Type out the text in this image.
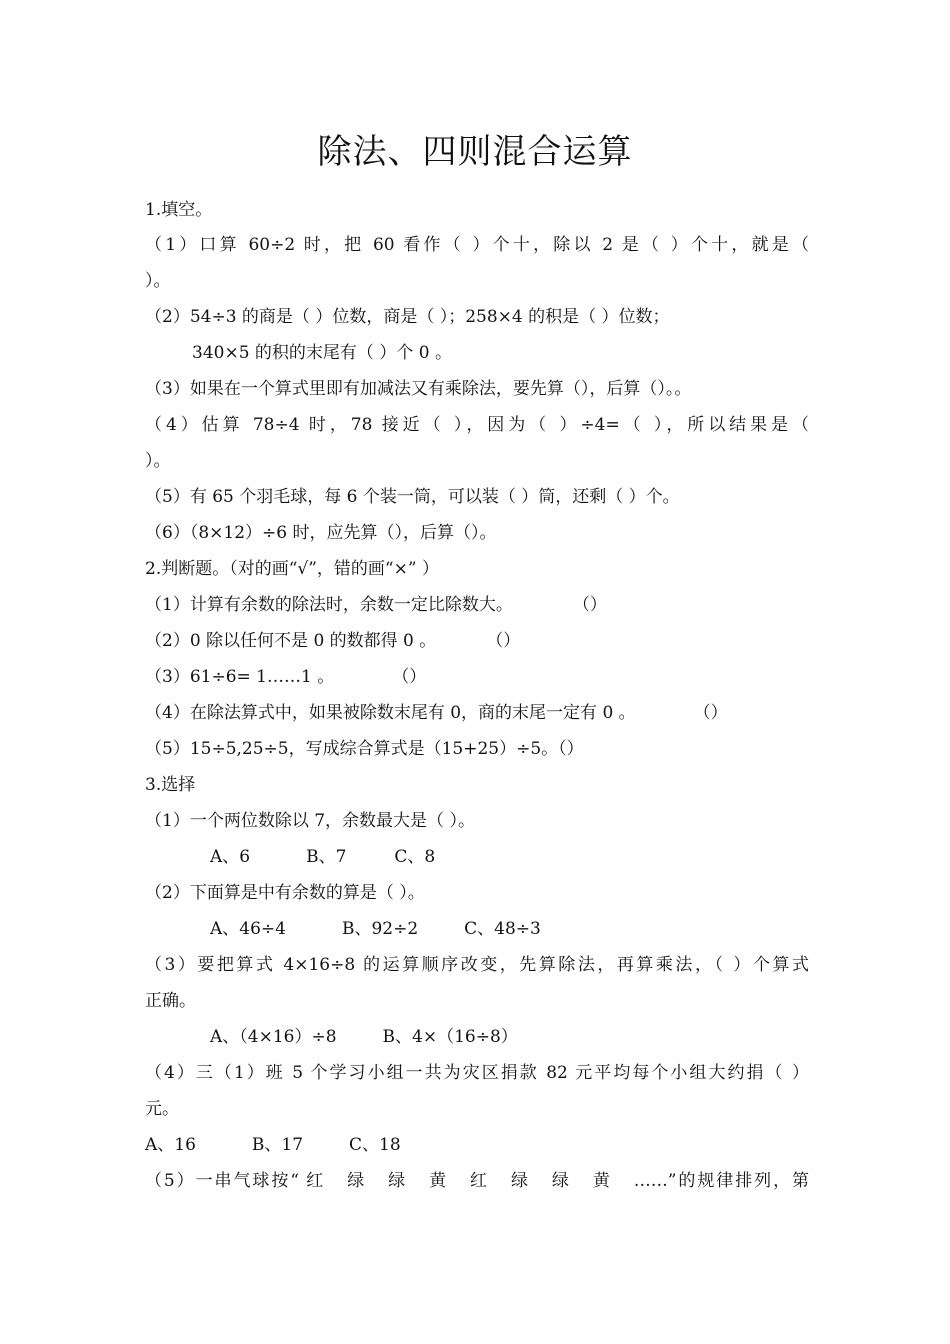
除法、四则混合运算
1.填空。
（1）口算 60÷2 时，把 60 看作（ ）个十，除以 2 是（ ）个十，就是（
）。
（2）54÷3 的商是（ ）位数，商是（ ）；258×4 的积是（ ）位数；
340×5 的积的末尾有（ ）个 0 。
（3）如果在一个算式里即有加减法又有乘除法，要先算（），后算（）。。
（4）估算 78÷4 时，78 接近（ ），因为（ ）÷4=（ ），所以结果是（
）。
（5）有 65 个羽毛球，每 6 个装一筒，可以装（ ）筒，还剩（ ）个。
（6）（8×12）÷6 时，应先算（），后算（）。
2.判断题。（对的画“√”，错的画“×” ）
（1）计算有余数的除法时，余数一定比除数大。	（）
（2）0 除以任何不是 0 的数都得 0 。	（）
（3）61÷6= 1……1 。	（）
（4）在除法算式中，如果被除数末尾有 0，商的末尾一定有 0 。	（）
（5）15÷5,25÷5，写成综合算式是（15+25）÷5。（）
3.选择
（1）一个两位数除以 7，余数最大是（ ）。
A、6	B、7	C、8
（2）下面算是中有余数的算是（ ）。
A、46÷4	B、92÷2	C、48÷3
（3）要把算式 4×16÷8 的运算顺序改变，先算除法，再算乘法，（ ）个算式
正确。
A、（4×16）÷8	B、4×（16÷8）
（4）三（1）班 5 个学习小组一共为灾区捐款 82 元平均每个小组大约捐（ ）
元。
A、16	B、17	C、18
（5）一串气球按“ 红   绿   绿   黄   红   绿   绿   黄   ……”的规律排列，第
